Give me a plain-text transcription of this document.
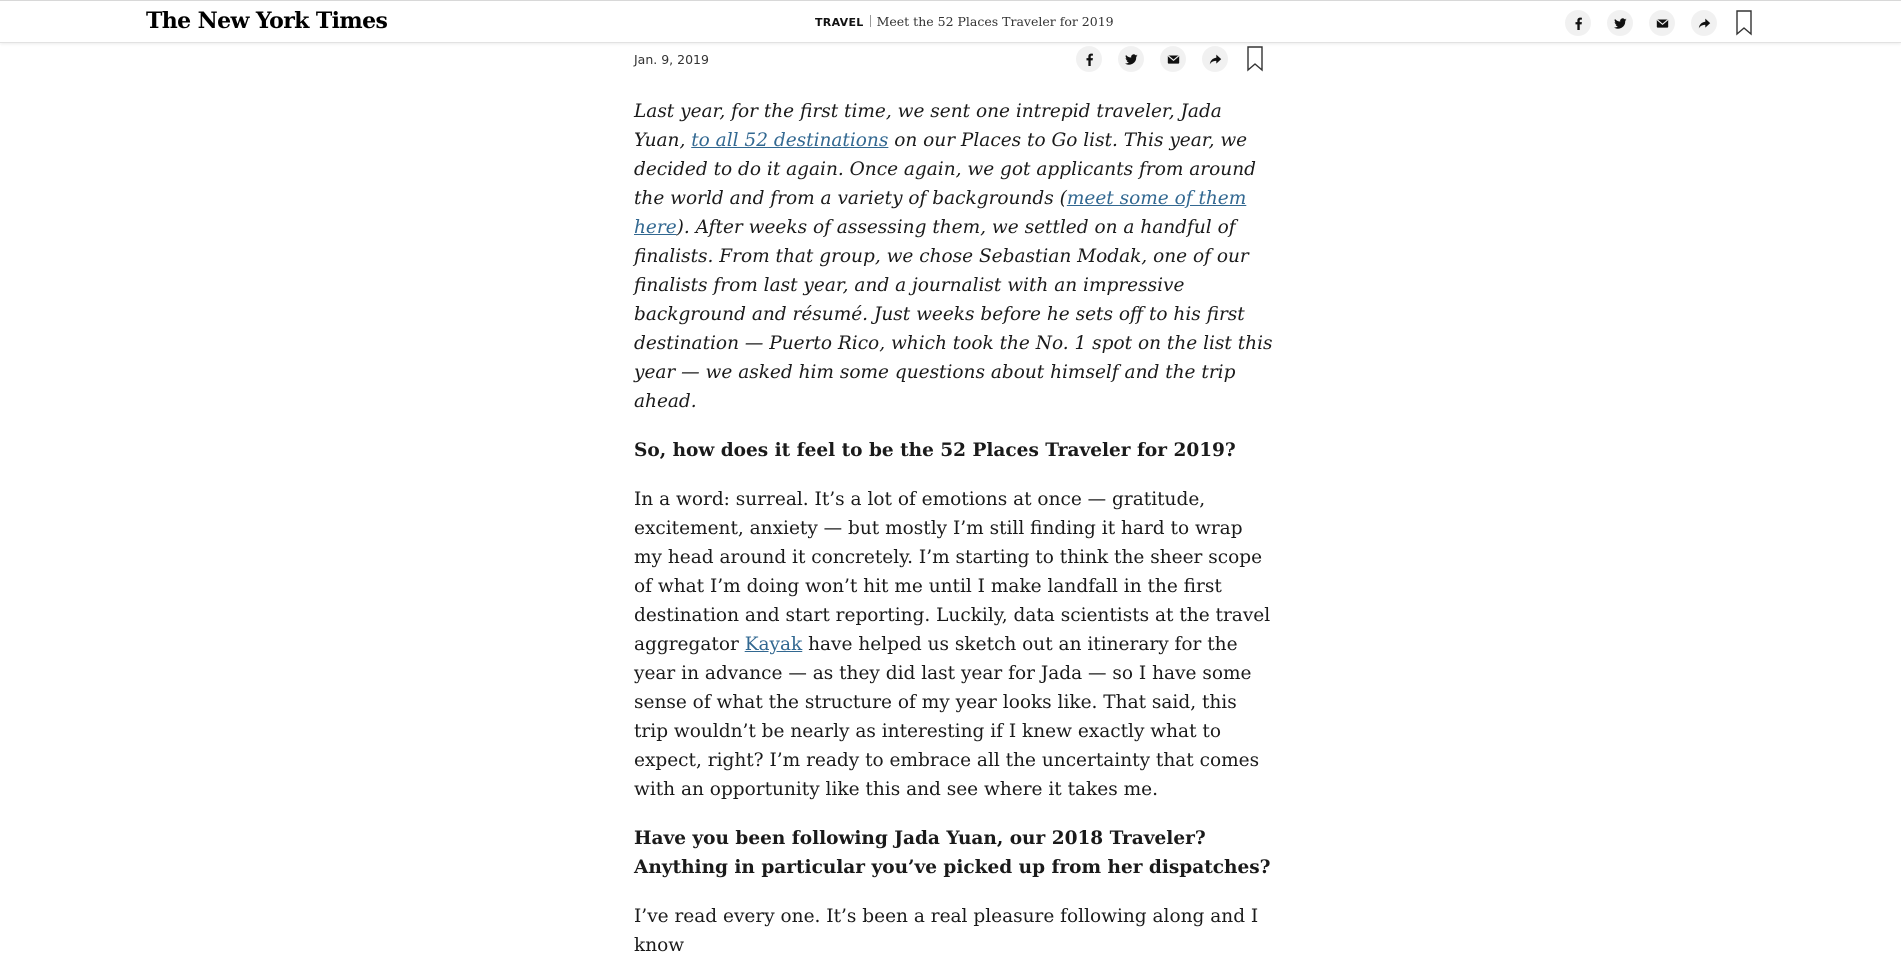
The New York Times	TRAVEL Meet the 52 Places Traveler for 2019
Jan. 9, 2019

Last year, for the first time, we sent one intrepid traveler, Jada Yuan, to all 52 destinations on our Places to Go list. This year, we decided to do it again. Once again, we got applicants from around the world and from a variety of backgrounds (meet some of them here). After weeks of assessing them, we settled on a handful of finalists. From that group, we chose Sebastian Modak, one of our finalists from last year, and a journalist with an impressive background and résumé. Just weeks before he sets off to his first destination — Puerto Rico, which took the No. 1 spot on the list this year — we asked him some questions about himself and the trip ahead.

So, how does it feel to be the 52 Places Traveler for 2019?

In a word: surreal. It’s a lot of emotions at once — gratitude, excitement, anxiety — but mostly I’m still finding it hard to wrap my head around it concretely. I’m starting to think the sheer scope of what I’m doing won’t hit me until I make landfall in the first destination and start reporting. Luckily, data scientists at the travel aggregator Kayak have helped us sketch out an itinerary for the year in advance — as they did last year for Jada — so I have some sense of what the structure of my year looks like. That said, this trip wouldn’t be nearly as interesting if I knew exactly what to expect, right? I’m ready to embrace all the uncertainty that comes with an opportunity like this and see where it takes me.

Have you been following Jada Yuan, our 2018 Traveler? Anything in particular you’ve picked up from her dispatches?

I’ve read every one. It’s been a real pleasure following along and I know
